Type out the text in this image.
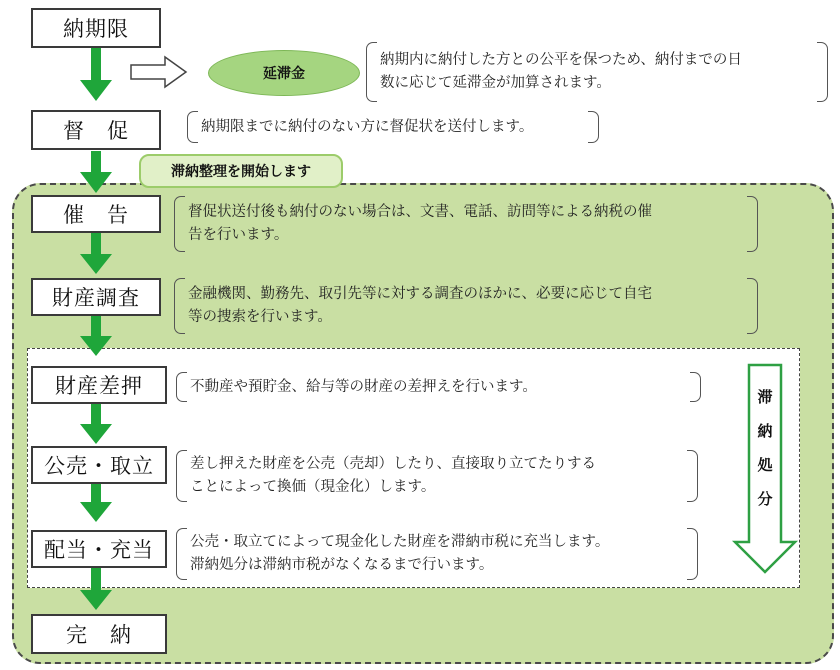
納期限
延滞金
納期内に納付した方との公平を保つため、納付までの日
数に応じて延滞金が加算されます。
督　促	納期限までに納付のない方に督促状を送付します。
滞納整理を開始します
催　告	督促状送付後も納付のない場合は、文書、電話、訪問等による納税の催
告を行います。
財産調査	金融機関、勤務先、取引先等に対する調査のほかに、必要に応じて自宅
等の捜索を行います。
財産差押	不動産や預貯金、給与等の財産の差押えを行います。
公売・取立	差し押えた財産を公売（売却）したり、直接取り立てたりする
ことによって換価（現金化）します。
配当・充当	公売・取立てによって現金化した財産を滞納市税に充当します。
滞納処分は滞納市税がなくなるまで行います。
滞
納
処
分
完　納
